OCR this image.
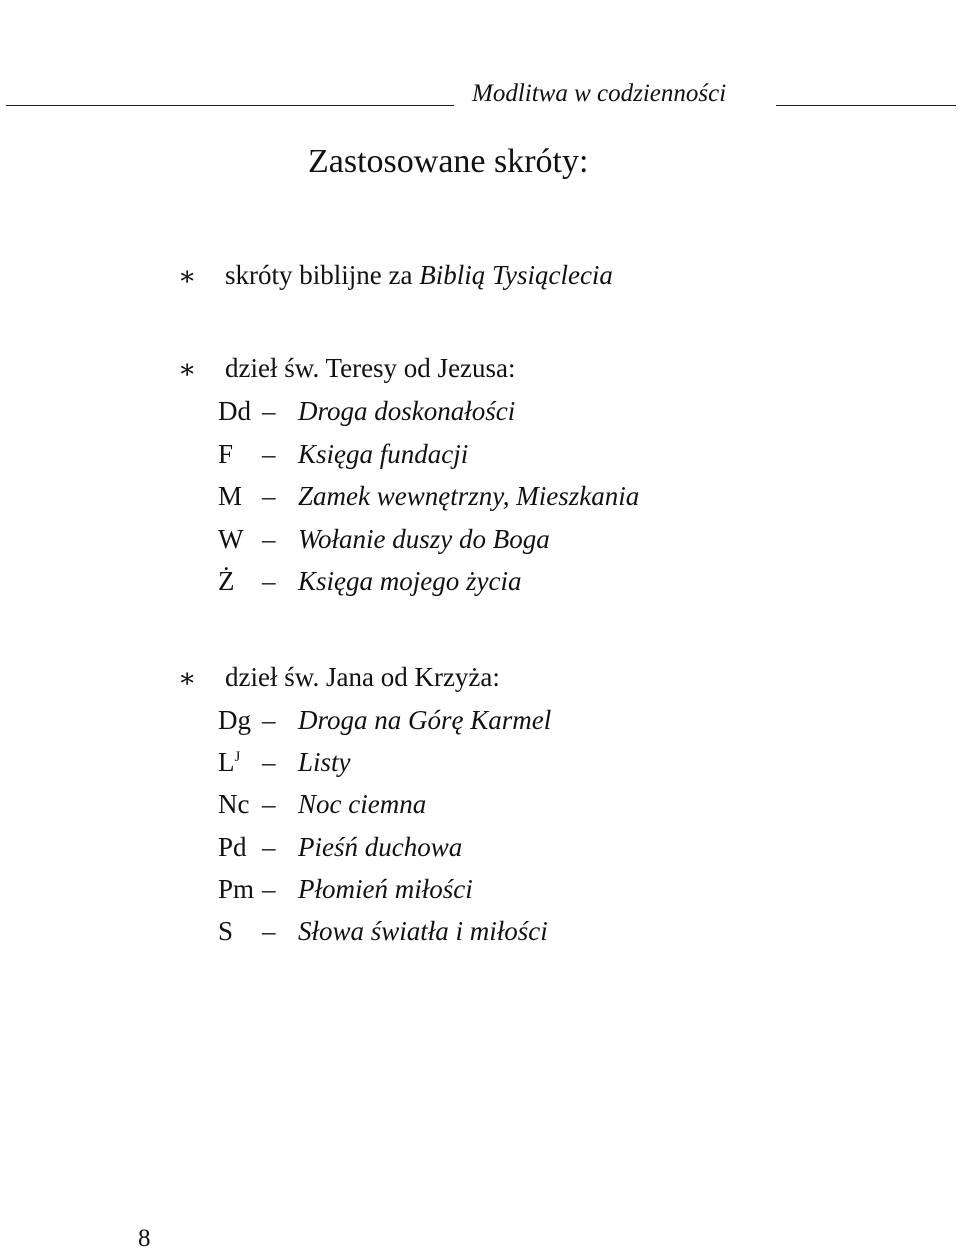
Modlitwa w codzienności
Zastosowane skróty:
∗ skróty biblijne za Biblią Tysiąclecia
∗ dzieł św. Teresy od Jezusa:
∗ dzieł św. Jana od Krzyża:
8
Dd – Droga doskonałości
F – Księga fundacji
M – Zamek wewnętrzny, Mieszkania
W – Wołanie duszy do Boga
Ż – Księga mojego życia
Dg – Droga na Górę Karmel
$L^J$ – Listy
Nc – Noc ciemna
Pd – Pieśń duchowa
Pm – Płomień miłości
S – Słowa światła i miłości
